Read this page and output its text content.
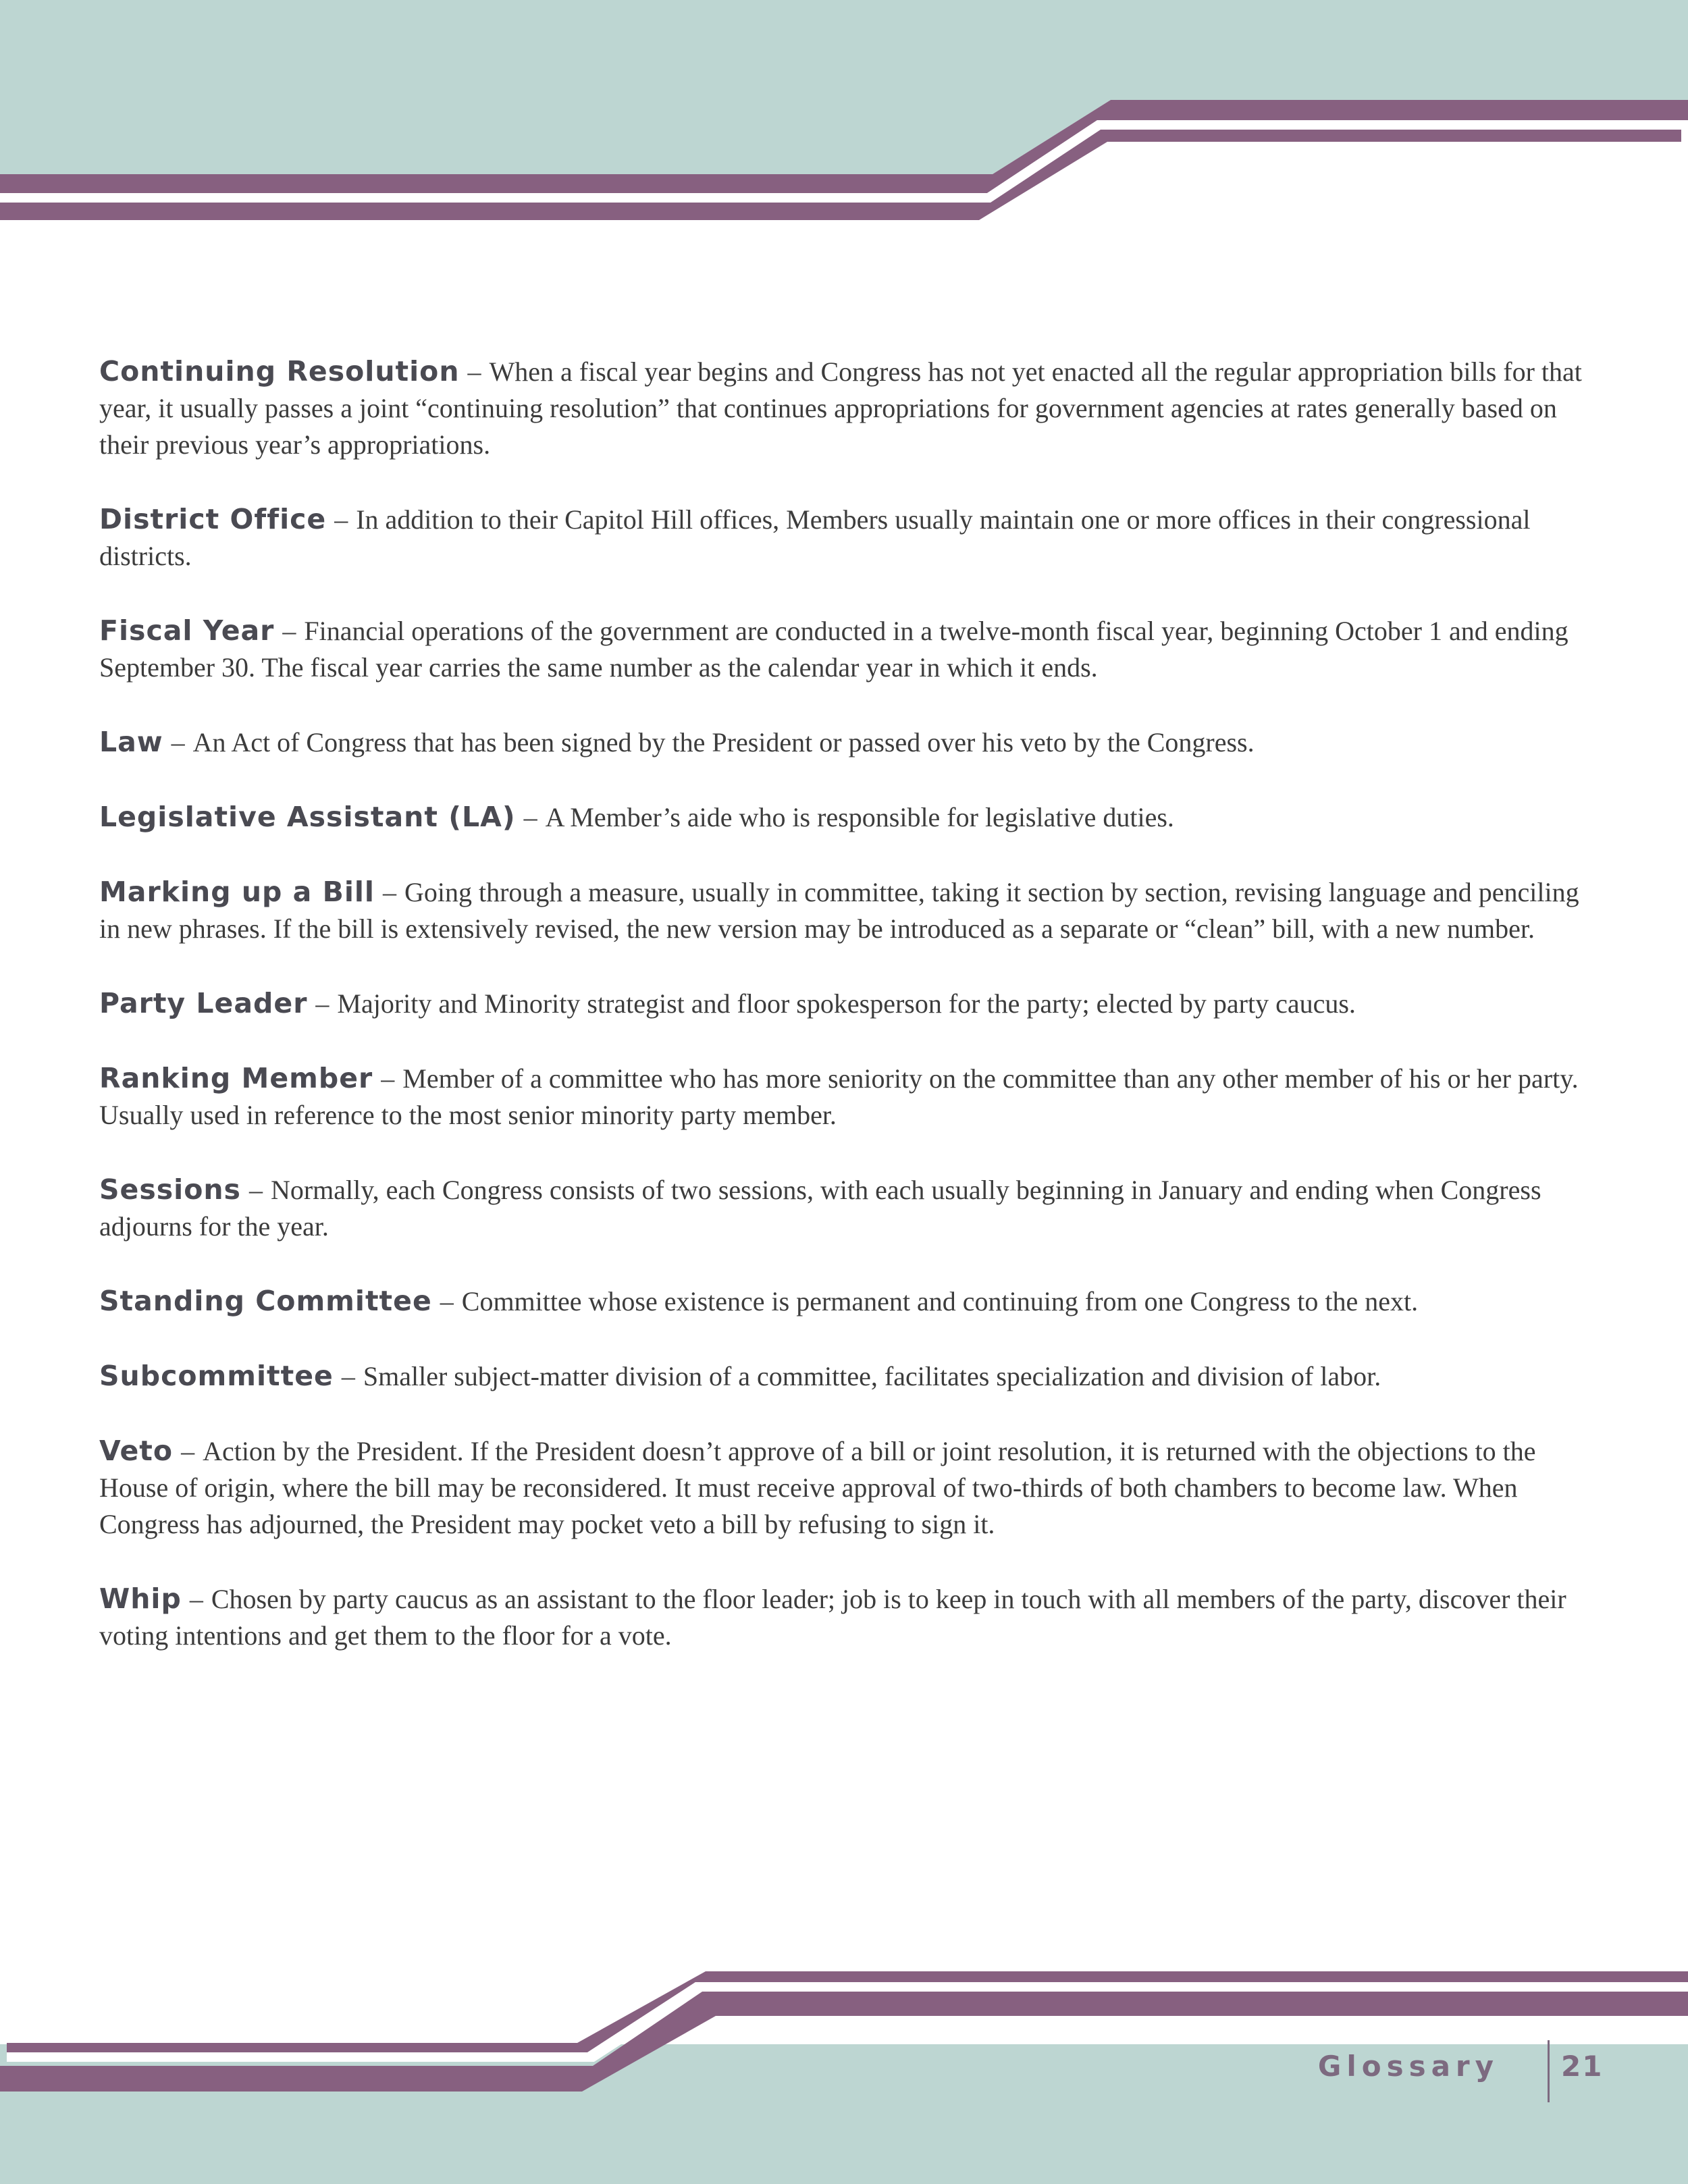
Continuing Resolution – When a fiscal year begins and Congress has not yet enacted all the regular appropriation bills for that year, it usually passes a joint “continuing resolution” that continues appropriations for government agencies at rates generally based on their previous year’s appropriations.

District Office – In addition to their Capitol Hill offices, Members usually maintain one or more offices in their congressional districts.

Fiscal Year – Financial operations of the government are conducted in a twelve-month fiscal year, beginning October 1 and ending September 30. The fiscal year carries the same number as the calendar year in which it ends.

Law – An Act of Congress that has been signed by the President or passed over his veto by the Congress.

Legislative Assistant (LA) – A Member’s aide who is responsible for legislative duties.

Marking up a Bill – Going through a measure, usually in committee, taking it section by section, revising language and penciling in new phrases. If the bill is extensively revised, the new version may be introduced as a separate or “clean” bill, with a new number.

Party Leader – Majority and Minority strategist and floor spokesperson for the party; elected by party caucus.

Ranking Member – Member of a committee who has more seniority on the committee than any other member of his or her party. Usually used in reference to the most senior minority party member.

Sessions – Normally, each Congress consists of two sessions, with each usually beginning in January and ending when Congress adjourns for the year.

Standing Committee – Committee whose existence is permanent and continuing from one Congress to the next.

Subcommittee – Smaller subject-matter division of a committee, facilitates specialization and division of labor.

Veto – Action by the President. If the President doesn’t approve of a bill or joint resolution, it is returned with the objections to the House of origin, where the bill may be reconsidered. It must receive approval of two-thirds of both chambers to become law. When Congress has adjourned, the President may pocket veto a bill by refusing to sign it.

Whip – Chosen by party caucus as an assistant to the floor leader; job is to keep in touch with all members of the party, discover their voting intentions and get them to the floor for a vote.

Glossary 21
